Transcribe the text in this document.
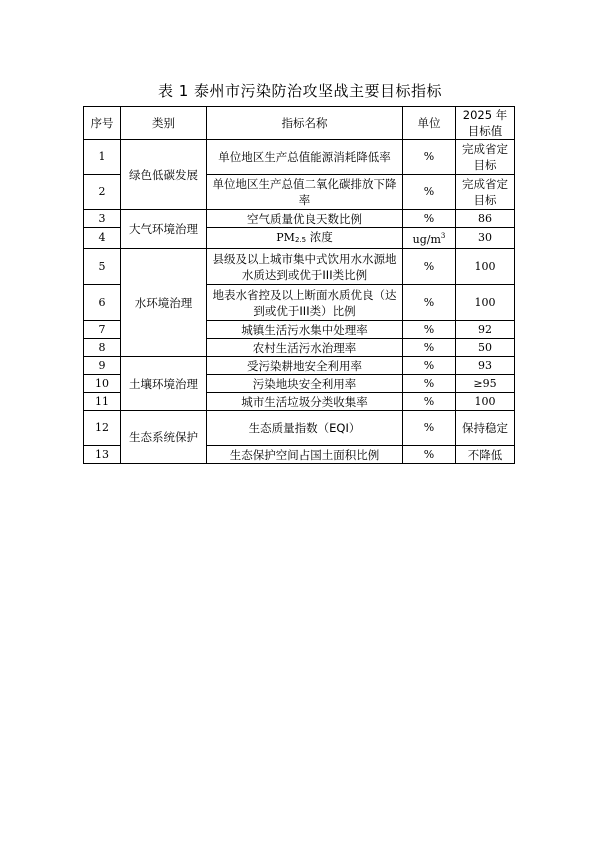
表 1 泰州市污染防治攻坚战主要目标指标
序号	类别	指标名称	单位	2025 年目标值
1	绿色低碳发展	单位地区生产总值能源消耗降低率	%	完成省定目标
2		单位地区生产总值二氧化碳排放下降率	%	完成省定目标
3	大气环境治理	空气质量优良天数比例	%	86
4		$PM_{2.5}$ 浓度	$ug/m^3$	30
5	水环境治理	县级及以上城市集中式饮用水水源地水质达到或优于III类比例	%	100
6		地表水省控及以上断面水质优良（达到或优于III类）比例	%	100
7		城镇生活污水集中处理率	%	92
8		农村生活污水治理率	%	50
9	土壤环境治理	受污染耕地安全利用率	%	93
10		污染地块安全利用率	%	≥95
11		城市生活垃圾分类收集率	%	100
12	生态系统保护	生态质量指数（EQI）	%	保持稳定
13		生态保护空间占国土面积比例	%	不降低
